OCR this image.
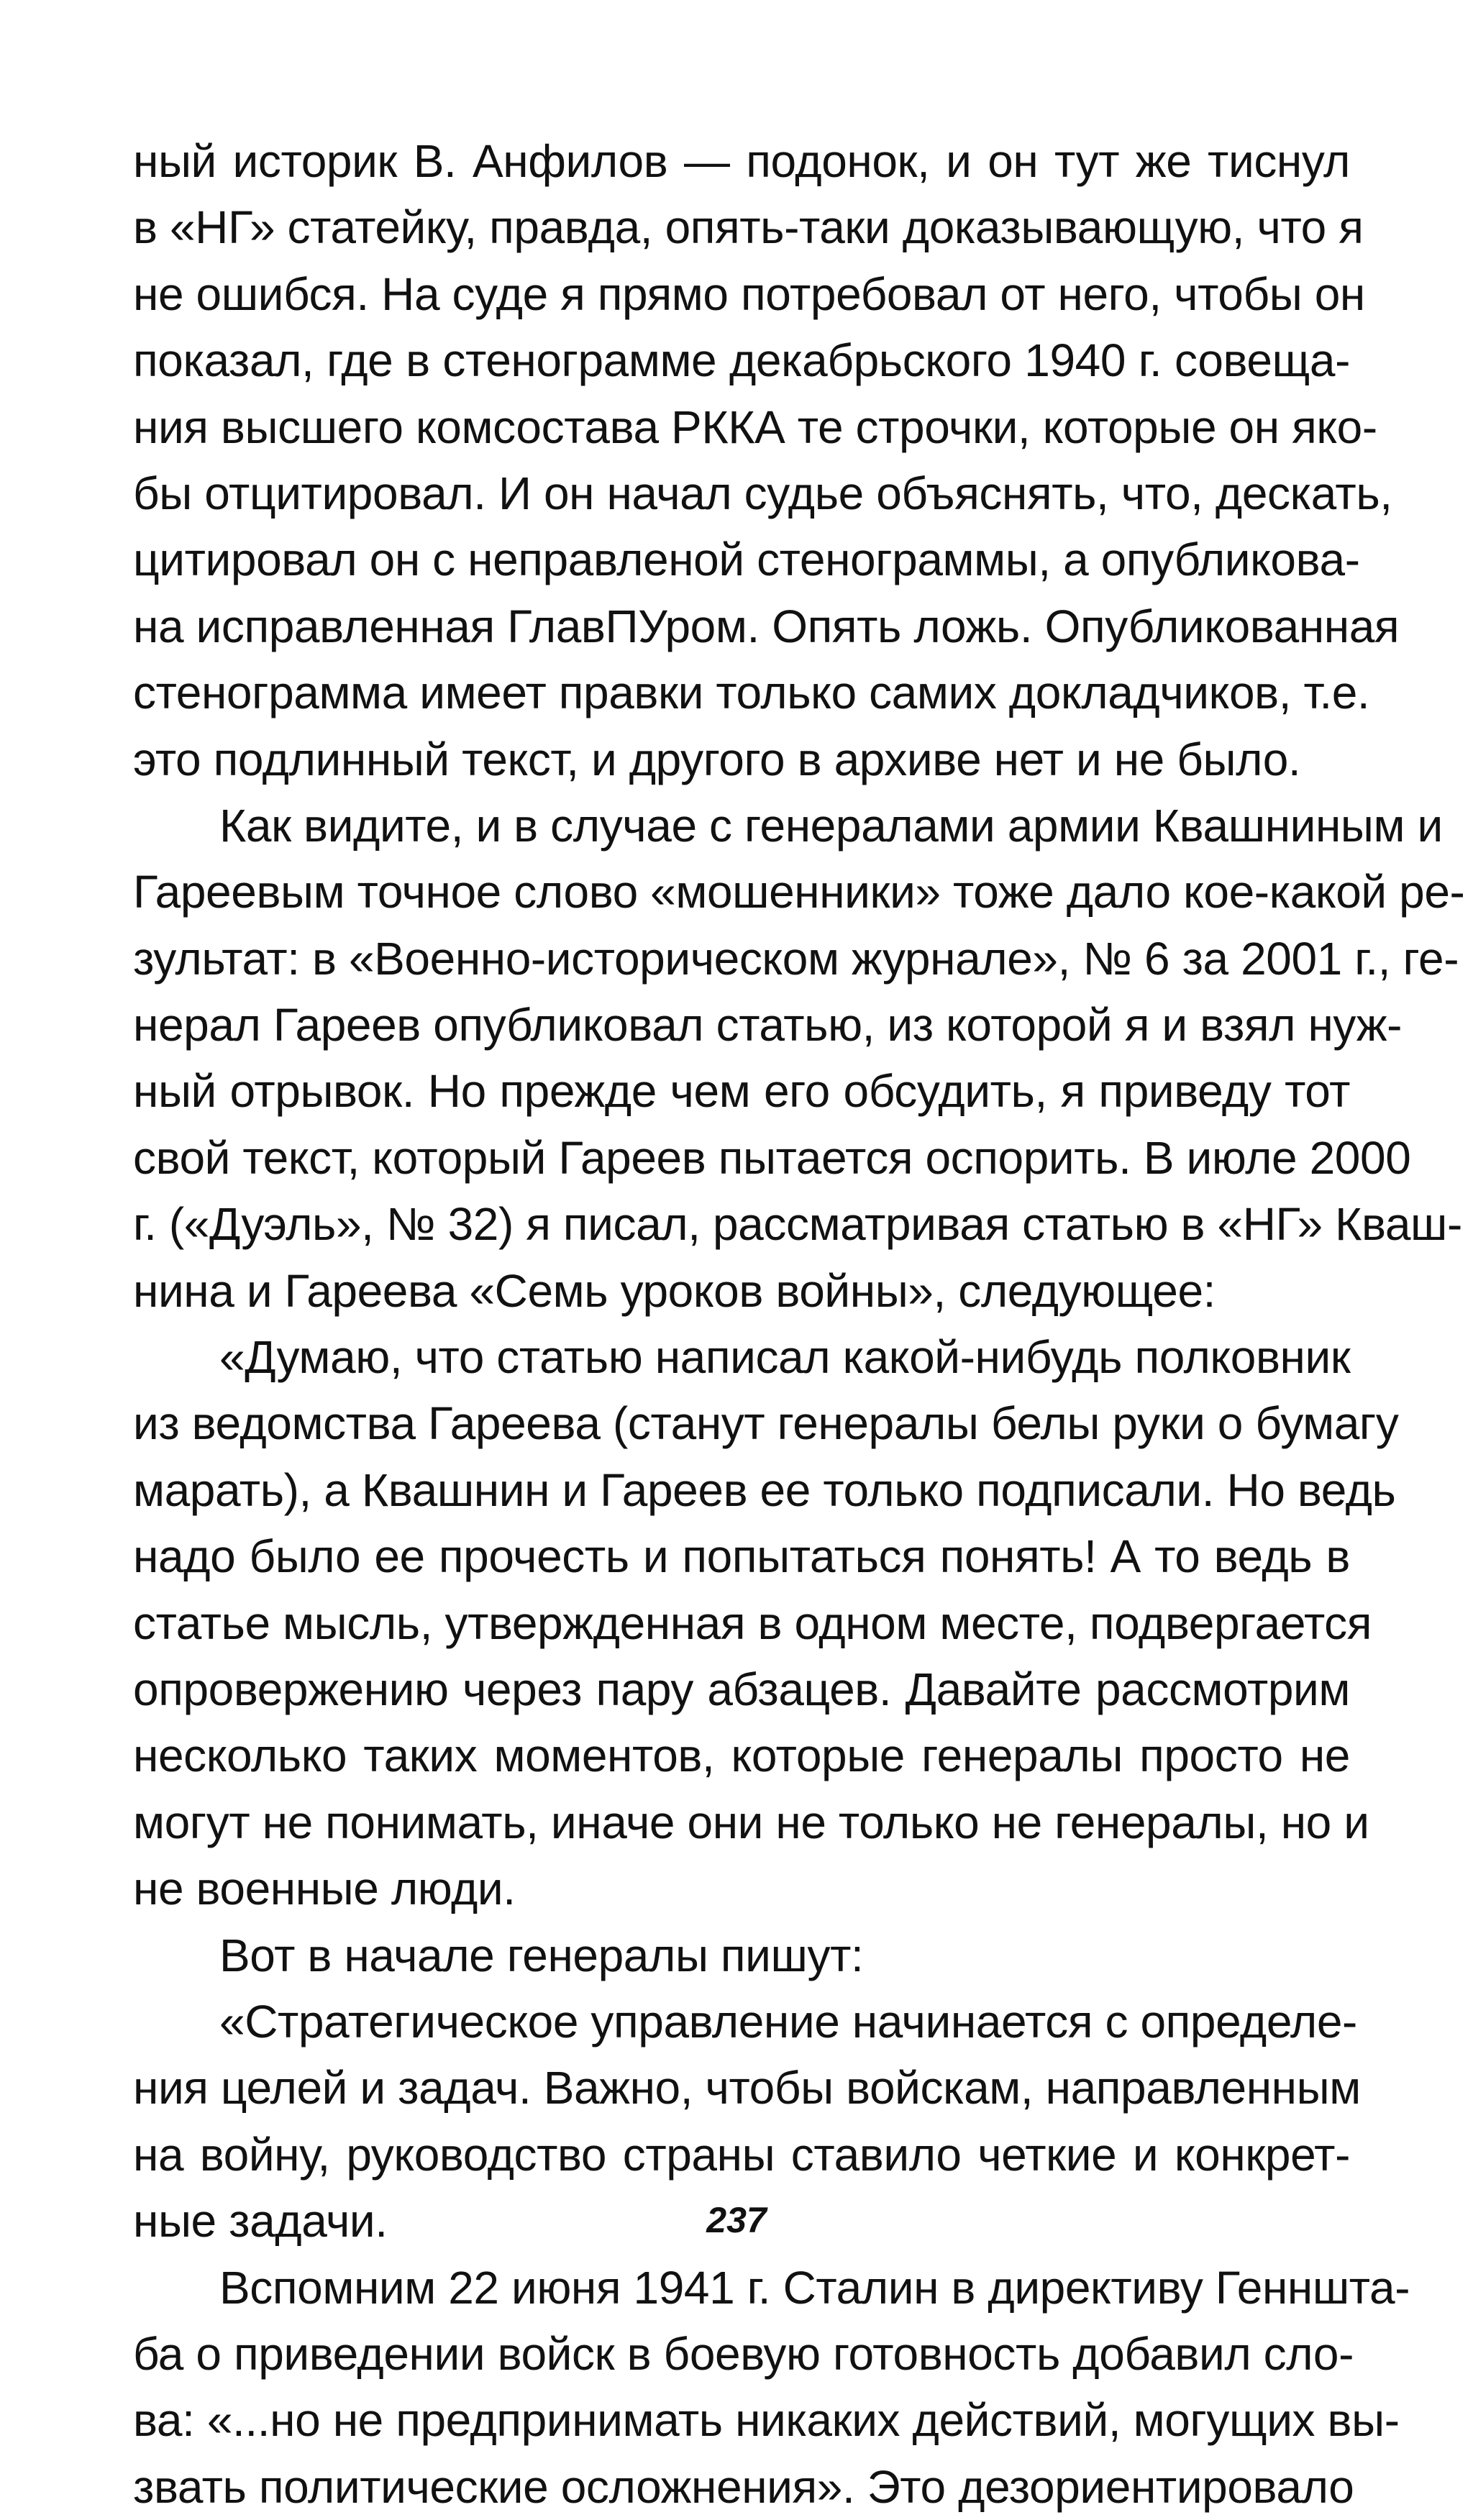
ный историк В. Анфилов — подонок, и он тут же тиснул
в «НГ» статейку, правда, опять-таки доказывающую, что я
не ошибся. На суде я прямо потребовал от него, чтобы он
показал, где в стенограмме декабрьского 1940 г. совеща-
ния высшего комсостава РККА те строчки, которые он яко-
бы отцитировал. И он начал судье объяснять, что, дескать,
цитировал он с неправленой стенограммы, а опубликова-
на исправленная ГлавПУром. Опять ложь. Опубликованная
стенограмма имеет правки только самих докладчиков, т.е.
это подлинный текст, и другого в архиве нет и не было.
Как видите, и в случае с генералами армии Квашниным и
Гареевым точное слово «мошенники» тоже дало кое-какой ре-
зультат: в «Военно-историческом журнале», № 6 за 2001 г., ге-
нерал Гареев опубликовал статью, из которой я и взял нуж-
ный отрывок. Но прежде чем его обсудить, я приведу тот
свой текст, который Гареев пытается оспорить. В июле 2000
г. («Дуэль», № 32) я писал, рассматривая статью в «НГ» Кваш-
нина и Гареева «Семь уроков войны», следующее:
«Думаю, что статью написал какой-нибудь полковник
из ведомства Гареева (станут генералы белы руки о бумагу
марать), а Квашнин и Гареев ее только подписали. Но ведь
надо было ее прочесть и попытаться понять! А то ведь в
статье мысль, утвержденная в одном месте, подвергается
опровержению через пару абзацев. Давайте рассмотрим
несколько таких моментов, которые генералы просто не
могут не понимать, иначе они не только не генералы, но и
не военные люди.
Вот в начале генералы пишут:
«Стратегическое управление начинается с определе-
ния целей и задач. Важно, чтобы войскам, направленным
на войну, руководство страны ставило четкие и конкрет-
ные задачи.
Вспомним 22 июня 1941 г. Сталин в директиву Генншта-
ба о приведении войск в боевую готовность добавил сло-
ва: «...но не предпринимать никаких действий, могущих вы-
звать политические осложнения». Это дезориентировало
237
